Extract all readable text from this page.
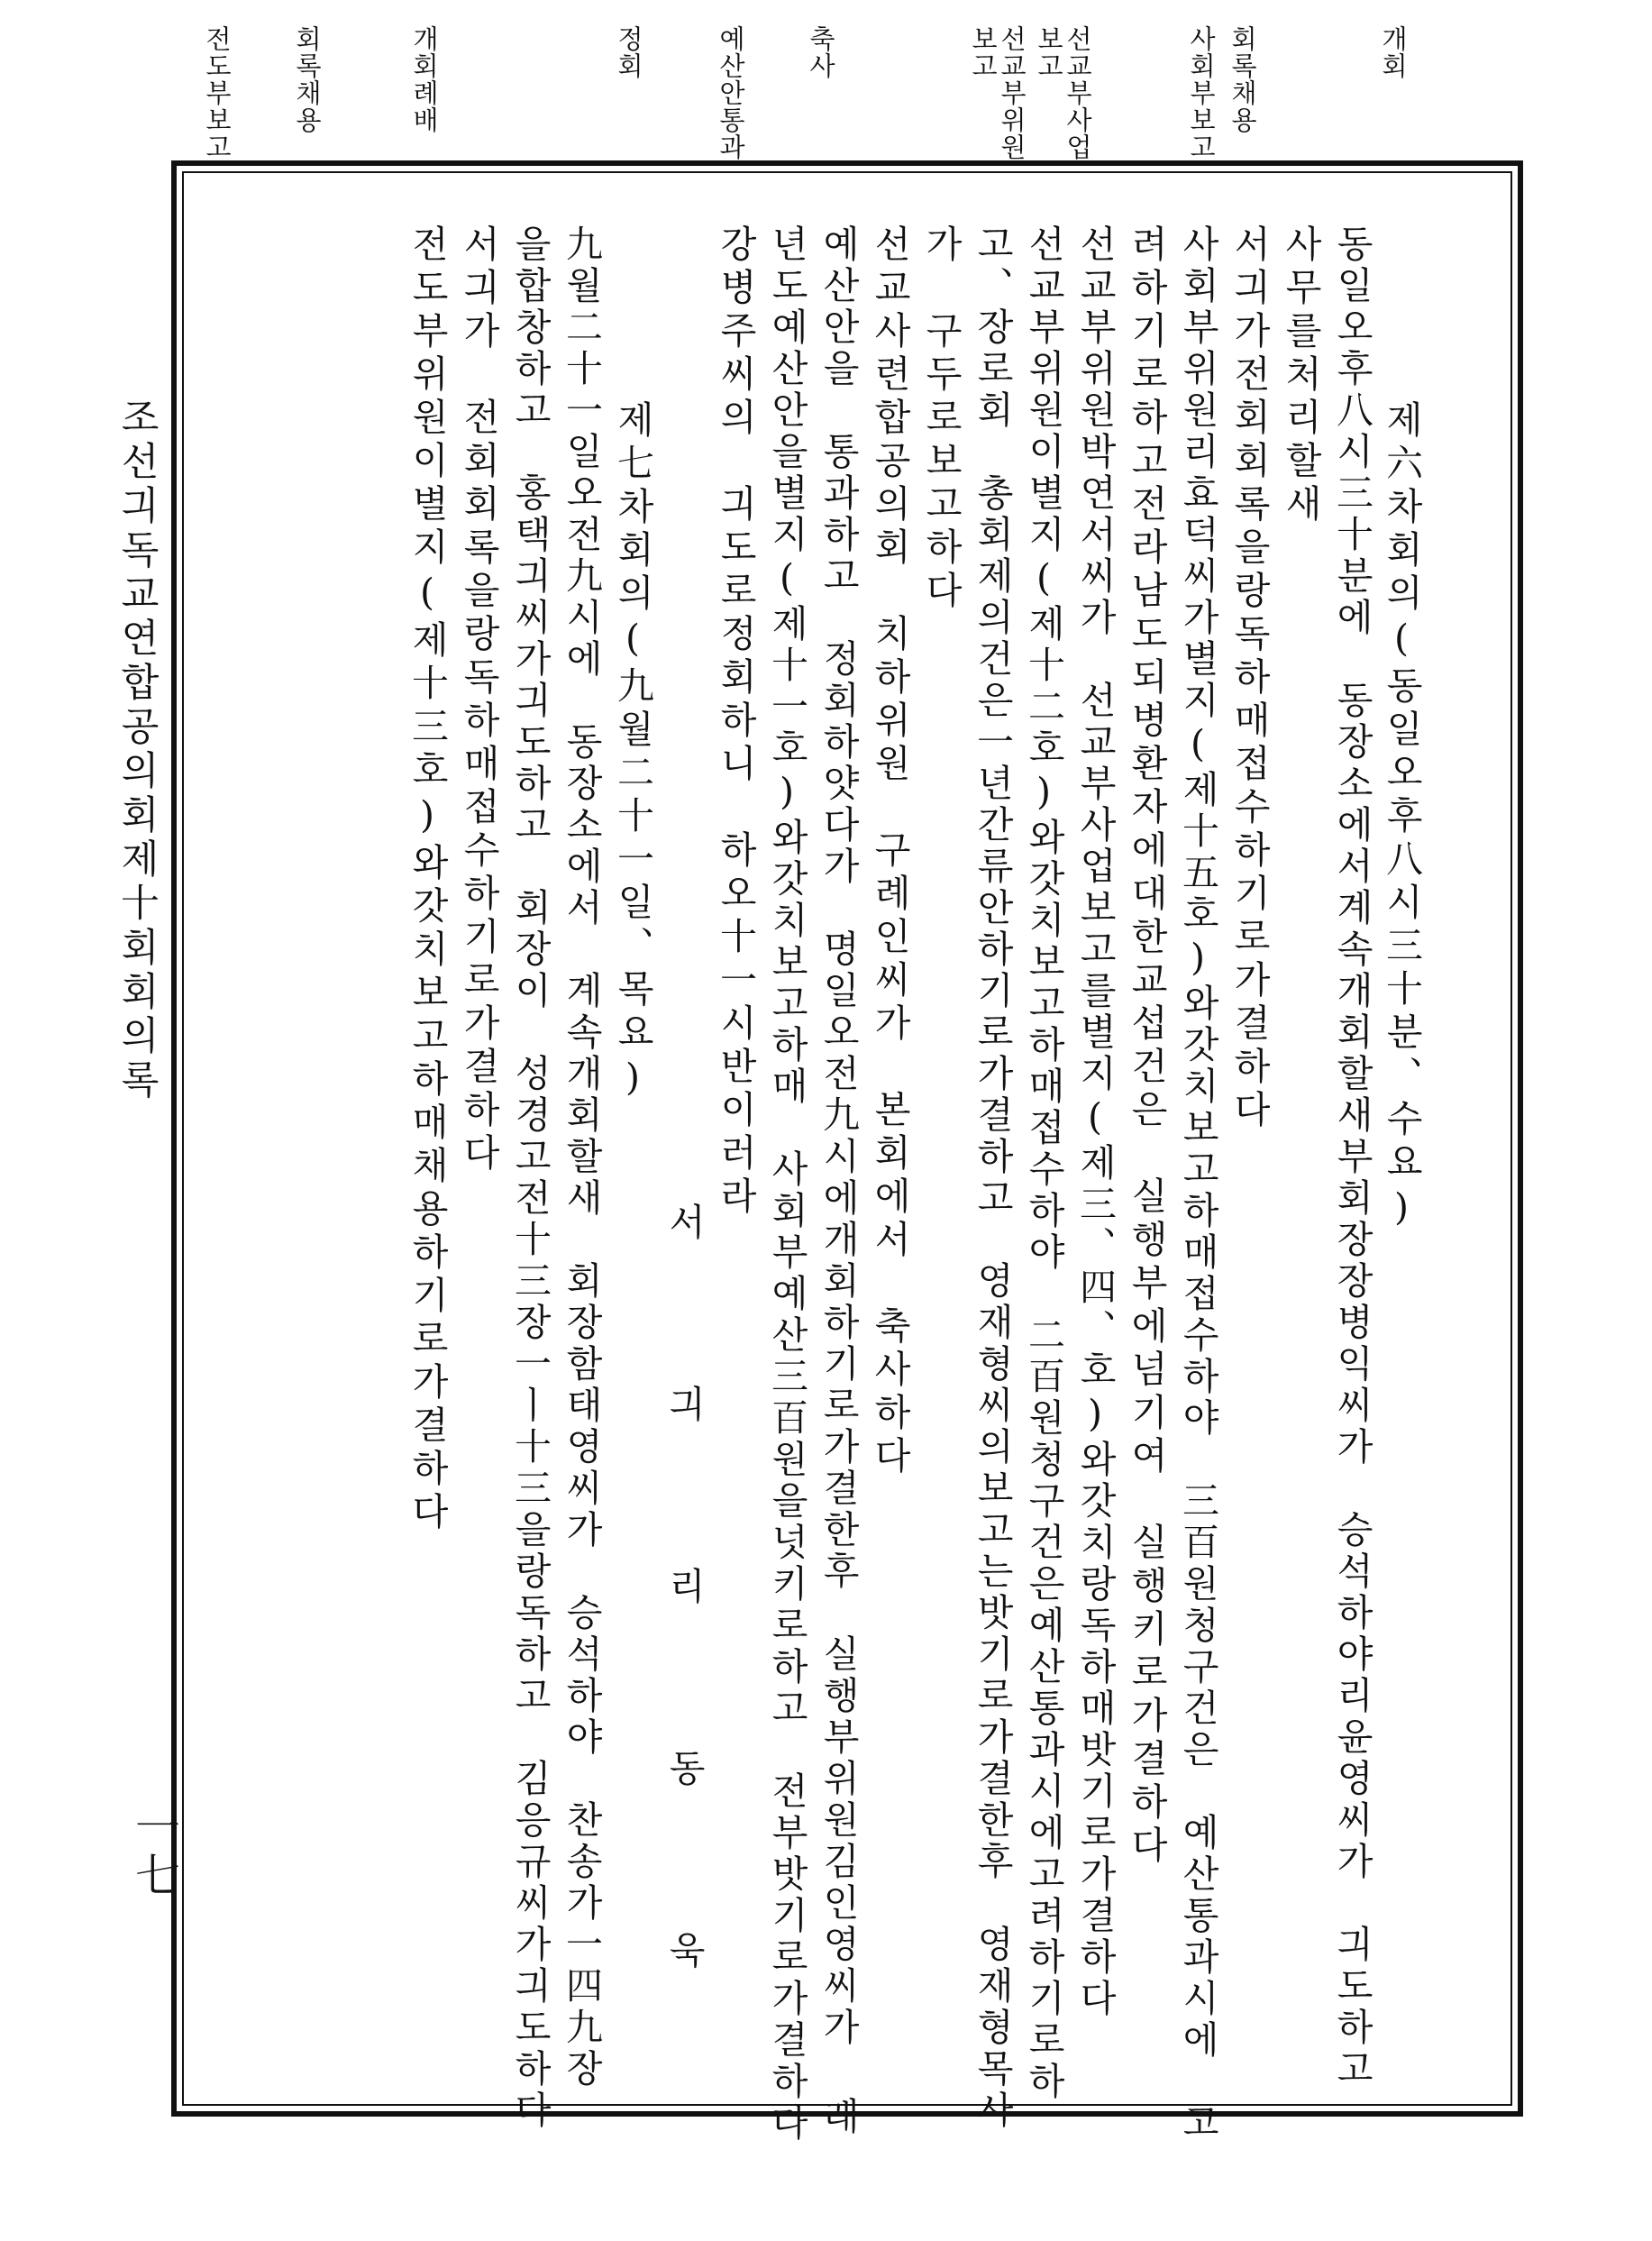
개회
회록채용
사회부보고
선교부사업보고
선교부위원보고
축사
예산안통과
정회
개회례배
회록채용
전도부보고
제六차회의(동일오후八시三十분、수요)
동일오후八시三十분에　동장소에서계속개회할새부회장장병익씨가　승석하야리윤영씨가　긔도하고
사무를처리할새
서긔가전회회록을랑독하매접수하기로가결하다
사회부위원리효덕씨가별지(제十五호)와갓치보고하매접수하야　三百원청구건은　예산통과시에　고
려하기로하고전라남도되병환자에대한교섭건은　실행부에넘기여　실행키로가결하다
선교부위원박연서씨가　선교부사업보고를별지(제三、四、호)와갓치랑독하매밧기로가결하다
선교부위원이별지(제十二호)와갓치보고하매접수하야　二百원청구건은예산통과시에고려하기로하
고、장로회　총회제의건은一년간류안하기로가결하고　영재형씨의보고는밧기로가결한후　영재형목사
가　구두로보고하다
선교사련합공의회　치하위원　구례인씨가　본회에서　축사하다
예산안을　통과하고　정회하얏다가　명일오전九시에개회하기로가결한후　실행부위원김인영씨가 래
년도예산안을별지(제十一호)와갓치보고하매　사회부예산三百원을넛키로하고　전부밧기로가결하다
강병주씨의　긔도로정회하니　하오十一시반이러라
서　긔　리　동　욱
제七차회의(九월二十一일、목요)
九월二十一일오전九시에　동장소에서　계속개회할새　회장함태영씨가　승석하야　찬송가一四九장
을합창하고　홍택긔씨가긔도하고　회장이　성경고전十三장一ㅣ十三을랑독하고　김응규씨가긔도하다
서긔가　전회회록을랑독하매접수하기로가결하다
전도부위원이별지(제十三호)와갓치보고하매채용하기로가결하다
조선긔독교연합공의회제十회회의록
一七
